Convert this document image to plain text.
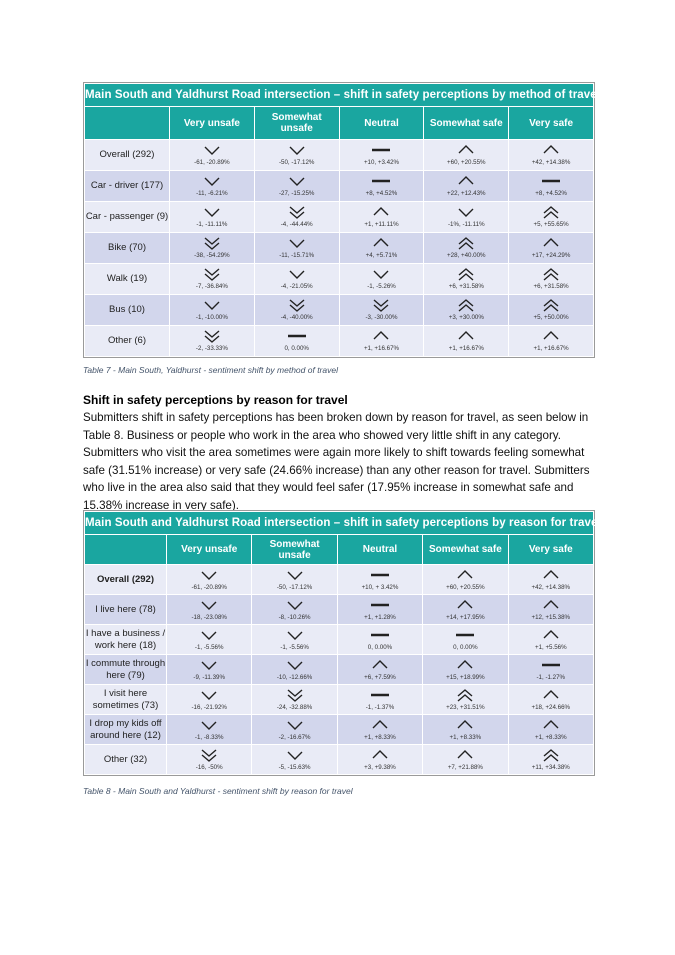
Main South and Yaldhurst Road intersection – shift in safety perceptions by method of travel					
	Very unsafe	Somewhat unsafe	Neutral	Somewhat safe	Very safe
Overall (292)	-61, -20.89%	-50, -17.12%	+10, +3.42%	+60, +20.55%	+42, +14.38%

Car - driver (177)	-11, -6.21%	-27, -15.25%	+8, +4.52%	+22, +12.43%	+8, +4.52%

Car - passenger (9)	-1, -11.11%	-4, -44.44%	+1, +11.11%	-1%, -11.11%	+5, +55.65%

Bike (70)	-38, -54.29%	-11, -15.71%	+4, +5.71%	+28, +40.00%	+17, +24.29%

Walk (19)	-7, -36.84%	-4, -21.05%	-1, -5.26%	+6, +31.58%	+6, +31.58%

Bus (10)	-1, -10.00%	-4, -40.00%	-3, -30.00%	+3, +30.00%	+5, +50.00%

Other (6)	-2, -33.33%	0, 0.00%	+1, +16.67%	+1, +16.67%	+1, +16.67%
Table 7 - Main South, Yaldhurst - sentiment shift by method of travel
Shift in safety perceptions by reason for travel
Submitters shift in safety perceptions has been broken down by reason for travel, as seen below in Table 8. Business or people who work in the area who showed very little shift in any category. Submitters who visit the area sometimes were again more likely to shift towards feeling somewhat safe (31.51% increase) or very safe (24.66% increase) than any other reason for travel. Submitters who live in the area also said that they would feel safer (17.95% increase in somewhat safe and 15.38% increase in very safe).
Main South and Yaldhurst Road intersection – shift in safety perceptions by reason for travel					
	Very unsafe	Somewhat unsafe	Neutral	Somewhat safe	Very safe
Overall (292)	-61, -20.89%	-50, -17.12%	+10, + 3.42%	+60, +20.55%	+42, +14.38%

I live here (78)	-18, -23.08%	-8, -10.26%	+1, +1.28%	+14, +17.95%	+12, +15.38%

I have a business / work here (18)	-1, -5.56%	-1, -5.56%	0, 0.00%	0, 0.00%	+1, +5.56%

I commute through here (79)	-9, -11.39%	-10, -12.66%	+6, +7.59%	+15, +18.99%	-1, -1.27%

I visit here sometimes (73)	-16, -21.92%	-24, -32.88%	-1, -1.37%	+23, +31.51%	+18, +24.66%

I drop my kids off around here (12)	-1, -8.33%	-2, -16.67%	+1, +8.33%	+1, +8.33%	+1, +8.33%

Other (32)	-16, -50%	-5, -15.63%	+3, +9.38%	+7, +21.88%	+11, +34.38%
Table 8 - Main South and Yaldhurst - sentiment shift by reason for travel
